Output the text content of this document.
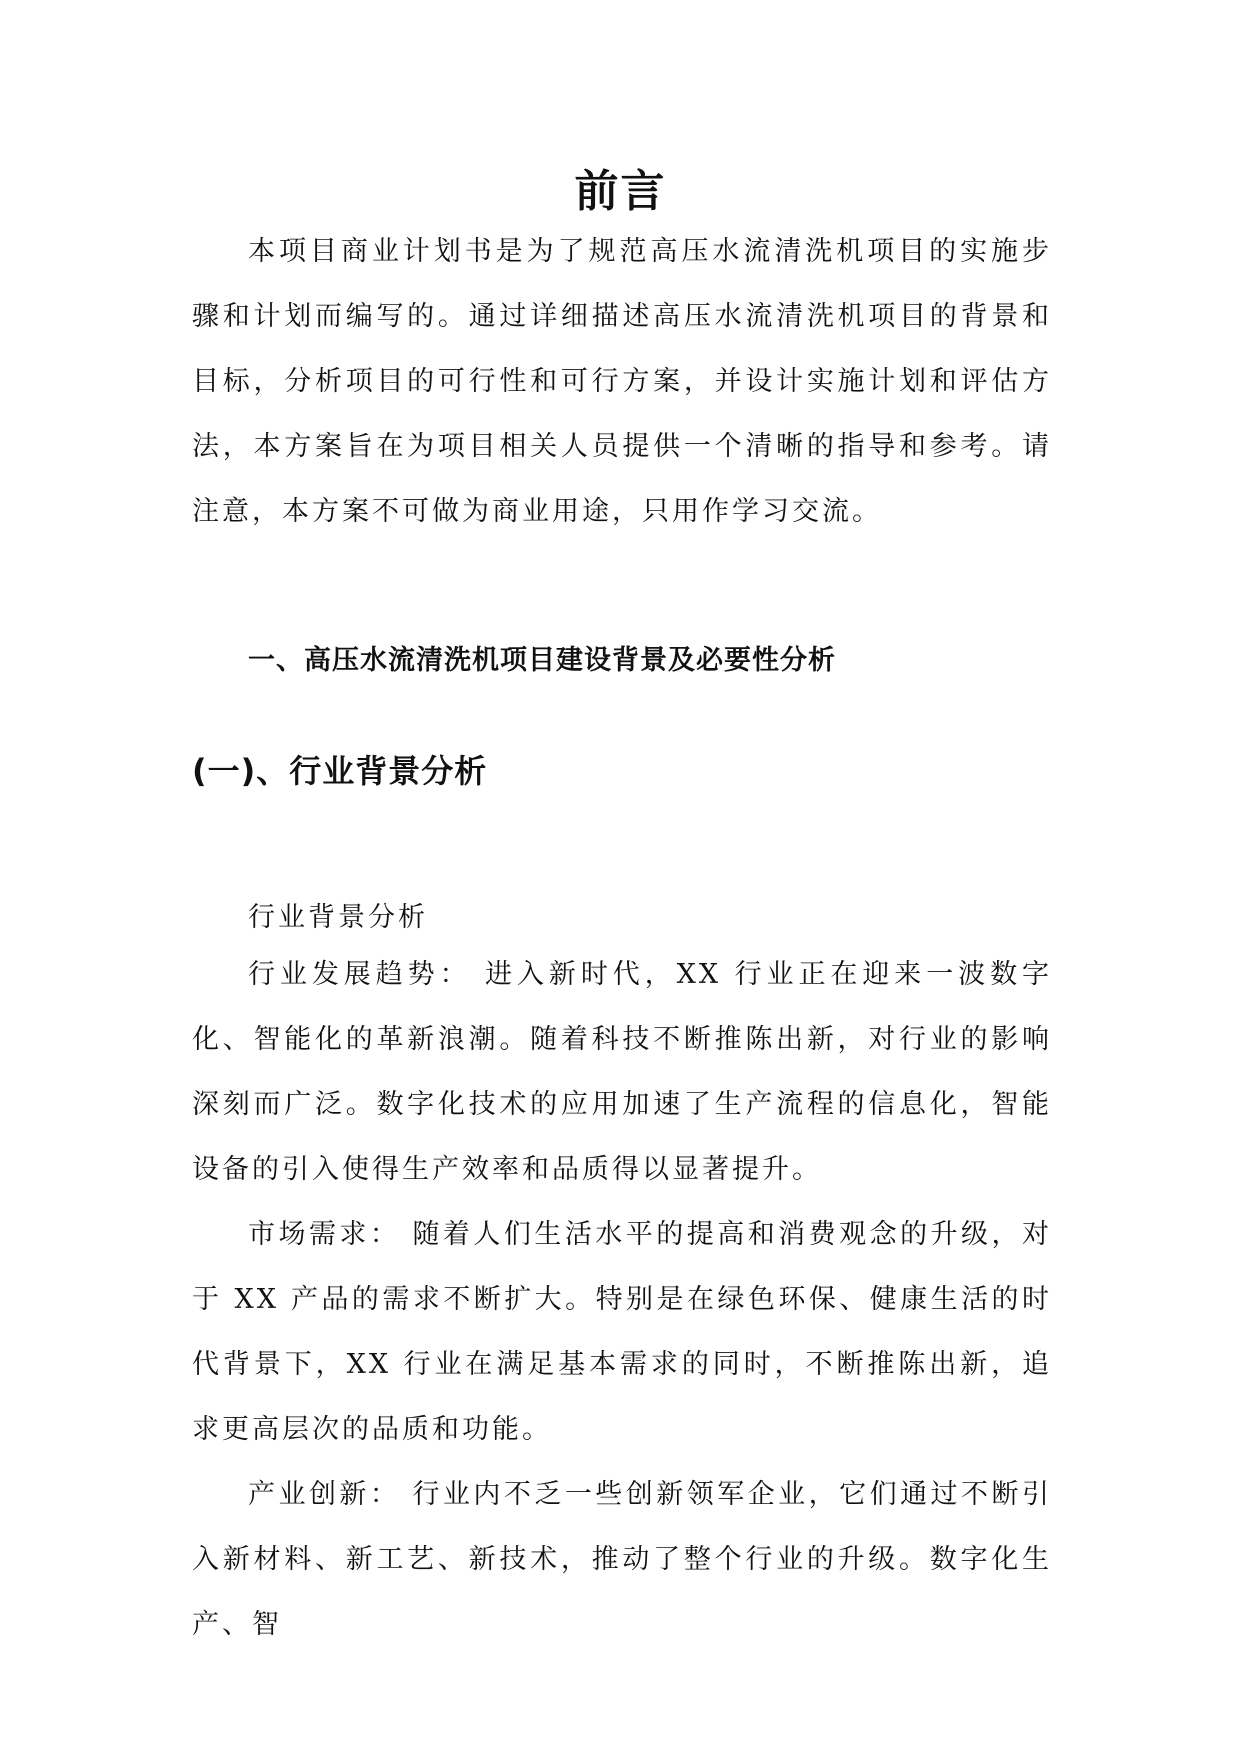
前言

本项目商业计划书是为了规范高压水流清洗机项目的实施步骤和计划而编写的。通过详细描述高压水流清洗机项目的背景和目标，分析项目的可行性和可行方案，并设计实施计划和评估方法，本方案旨在为项目相关人员提供一个清晰的指导和参考。请注意，本方案不可做为商业用途，只用作学习交流。

一、高压水流清洗机项目建设背景及必要性分析
(一)、行业背景分析

行业背景分析

行业发展趋势： 进入新时代，XX 行业正在迎来一波数字化、智能化的革新浪潮。随着科技不断推陈出新，对行业的影响深刻而广泛。数字化技术的应用加速了生产流程的信息化，智能设备的引入使得生产效率和品质得以显著提升。

市场需求： 随着人们生活水平的提高和消费观念的升级，对于 XX 产品的需求不断扩大。特别是在绿色环保、健康生活的时代背景下，XX 行业在满足基本需求的同时，不断推陈出新，追求更高层次的品质和功能。

产业创新： 行业内不乏一些创新领军企业，它们通过不断引入新材料、新工艺、新技术，推动了整个行业的升级。数字化生产、智
